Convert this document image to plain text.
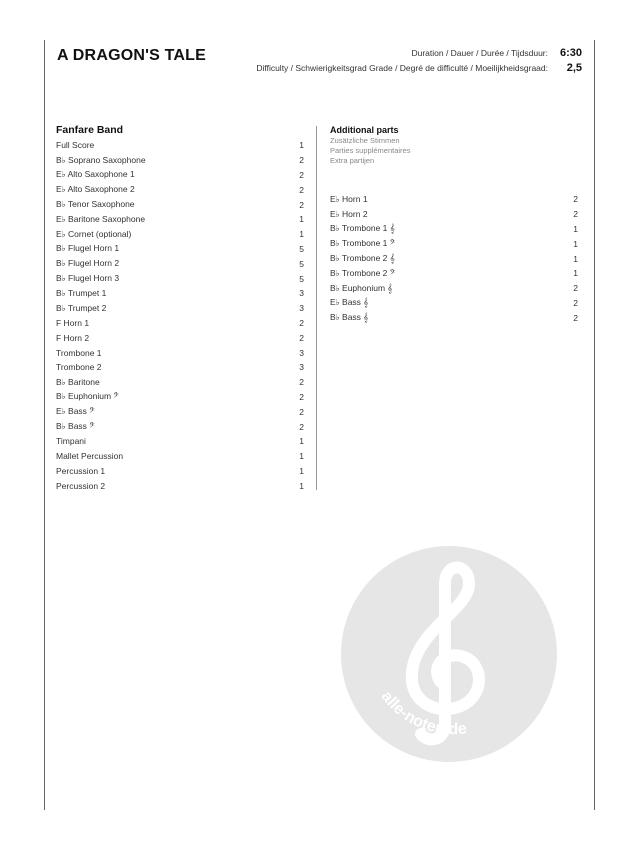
A DRAGON'S TALE	Duration / Dauer / Durée / Tijdsduur:	6:30
Difficulty / Schwierigkeitsgrad Grade / Degré de difficulté / Moeilijkheidsgraad:	2,5
Fanfare Band
Full Score	1
B♭ Soprano Saxophone	2
E♭ Alto Saxophone 1	2
E♭ Alto Saxophone 2	2
B♭ Tenor Saxophone	2
E♭ Baritone Saxophone	1
E♭ Cornet (optional)	1
B♭ Flugel Horn 1	5
B♭ Flugel Horn 2	5
B♭ Flugel Horn 3	5
B♭ Trumpet 1	3
B♭ Trumpet 2	3
F Horn 1	2
F Horn 2	2
Trombone 1	3
Trombone 2	3
B♭ Baritone	2
B♭ Euphonium 𝄢	2
E♭ Bass 𝄢	2
B♭ Bass 𝄢	2
Timpani	1
Mallet Percussion	1
Percussion 1	1
Percussion 2	1
Additional parts
Zusätzliche Stimmen
Parties supplémentaires
Extra partijen
E♭ Horn 1	2
E♭ Horn 2	2
B♭ Trombone 1 𝄞	1
B♭ Trombone 1 𝄢	1
B♭ Trombone 2 𝄞	1
B♭ Trombone 2 𝄢	1
B♭ Euphonium 𝄞	2
E♭ Bass 𝄞	2
B♭ Bass 𝄞	2
alle-noten.de
